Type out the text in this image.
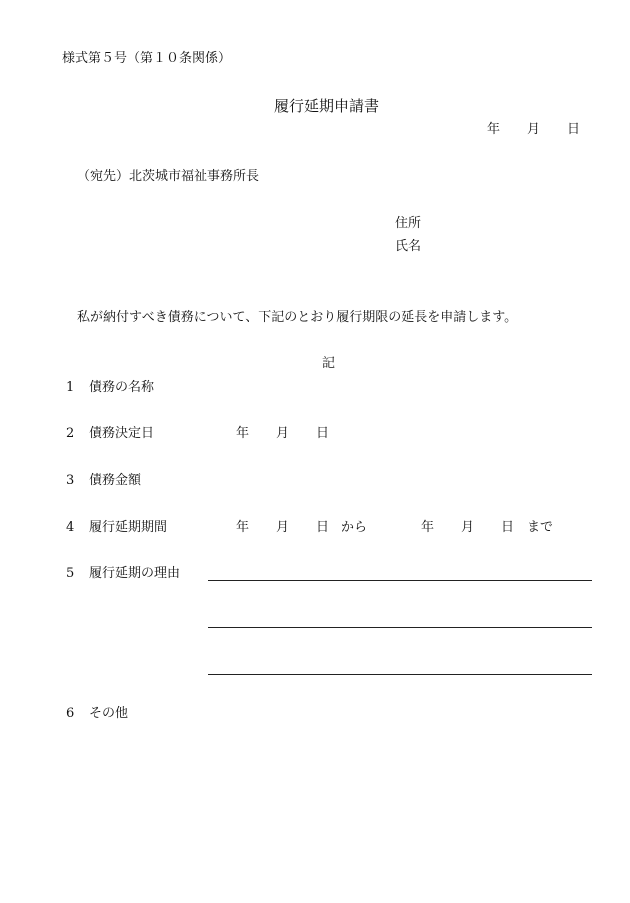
様式第５号（第１０条関係）
履行延期申請書
年 月 日
（宛先）北茨城市福祉事務所長
住所
氏名
私が納付すべき債務について、下記のとおり履行期限の延長を申請します。
記
1 債務の名称
2 債務決定日	年 月 日
3 債務金額
4 履行延期期間	年 月 日 から	年 月 日 まで
5 履行延期の理由
6 その他
